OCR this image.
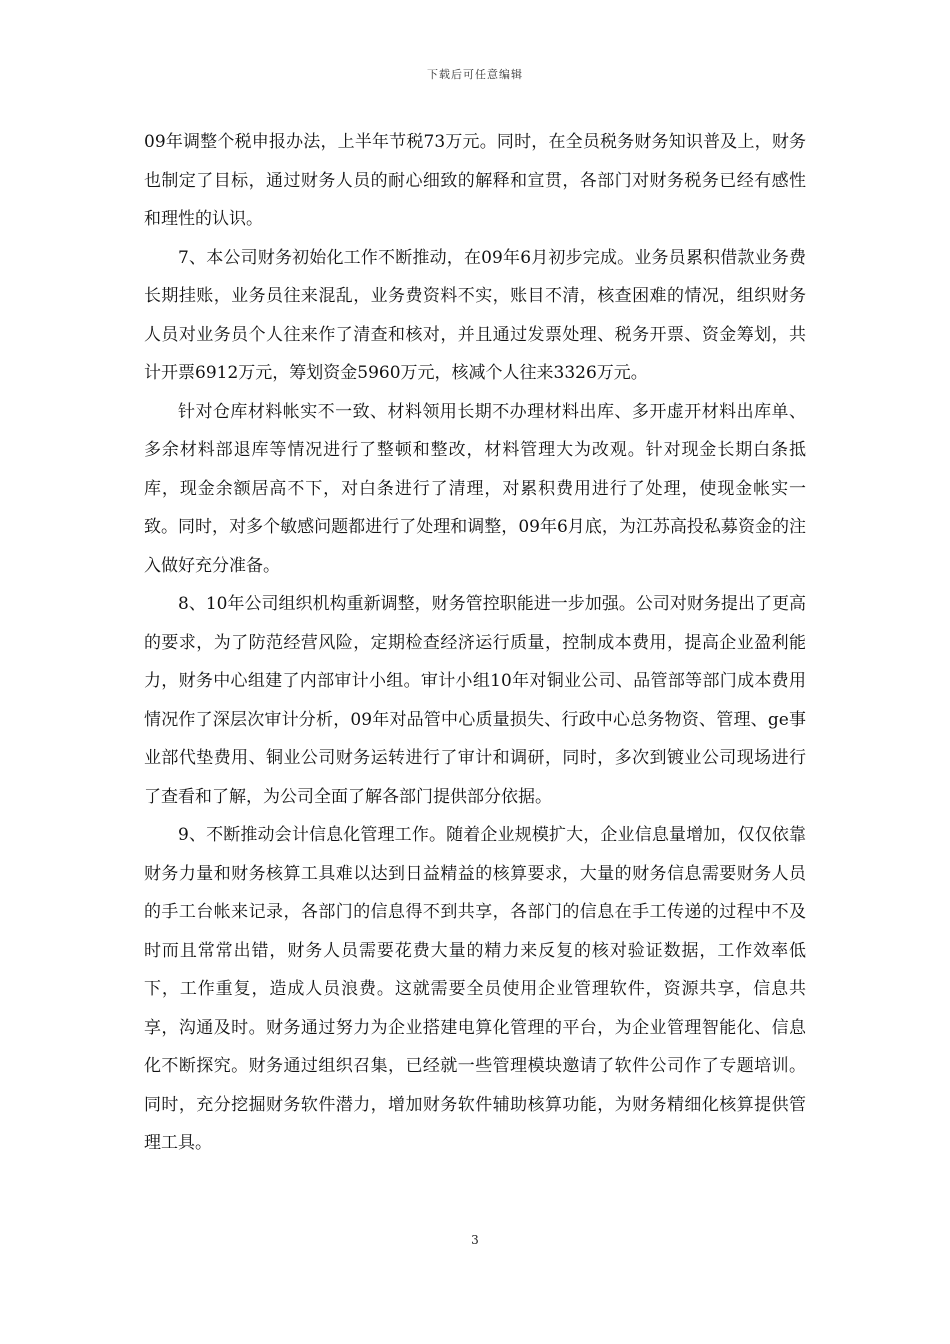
下载后可任意编辑

09年调整个税申报办法，上半年节税73万元。同时，在全员税务财务知识普及上，财务也制定了目标，通过财务人员的耐心细致的解释和宣贯，各部门对财务税务已经有感性和理性的认识。

7、本公司财务初始化工作不断推动，在09年6月初步完成。业务员累积借款业务费长期挂账，业务员往来混乱，业务费资料不实，账目不清，核查困难的情况，组织财务人员对业务员个人往来作了清查和核对，并且通过发票处理、税务开票、资金筹划，共计开票6912万元，筹划资金5960万元，核减个人往来3326万元。

针对仓库材料帐实不一致、材料领用长期不办理材料出库、多开虚开材料出库单、多余材料部退库等情况进行了整顿和整改，材料管理大为改观。针对现金长期白条抵库，现金余额居高不下，对白条进行了清理，对累积费用进行了处理，使现金帐实一致。同时，对多个敏感问题都进行了处理和调整，09年6月底，为江苏高投私募资金的注入做好充分准备。

8、10年公司组织机构重新调整，财务管控职能进一步加强。公司对财务提出了更高的要求，为了防范经营风险，定期检查经济运行质量，控制成本费用，提高企业盈利能力，财务中心组建了内部审计小组。审计小组10年对铜业公司、品管部等部门成本费用情况作了深层次审计分析，09年对品管中心质量损失、行政中心总务物资、管理、ge事业部代垫费用、铜业公司财务运转进行了审计和调研，同时，多次到镀业公司现场进行了查看和了解，为公司全面了解各部门提供部分依据。

9、不断推动会计信息化管理工作。随着企业规模扩大，企业信息量增加，仅仅依靠财务力量和财务核算工具难以达到日益精益的核算要求，大量的财务信息需要财务人员的手工台帐来记录，各部门的信息得不到共享，各部门的信息在手工传递的过程中不及时而且常常出错，财务人员需要花费大量的精力来反复的核对验证数据，工作效率低下，工作重复，造成人员浪费。这就需要全员使用企业管理软件，资源共享，信息共享，沟通及时。财务通过努力为企业搭建电算化管理的平台，为企业管理智能化、信息化不断探究。财务通过组织召集，已经就一些管理模块邀请了软件公司作了专题培训。同时，充分挖掘财务软件潜力，增加财务软件辅助核算功能，为财务精细化核算提供管理工具。

3
